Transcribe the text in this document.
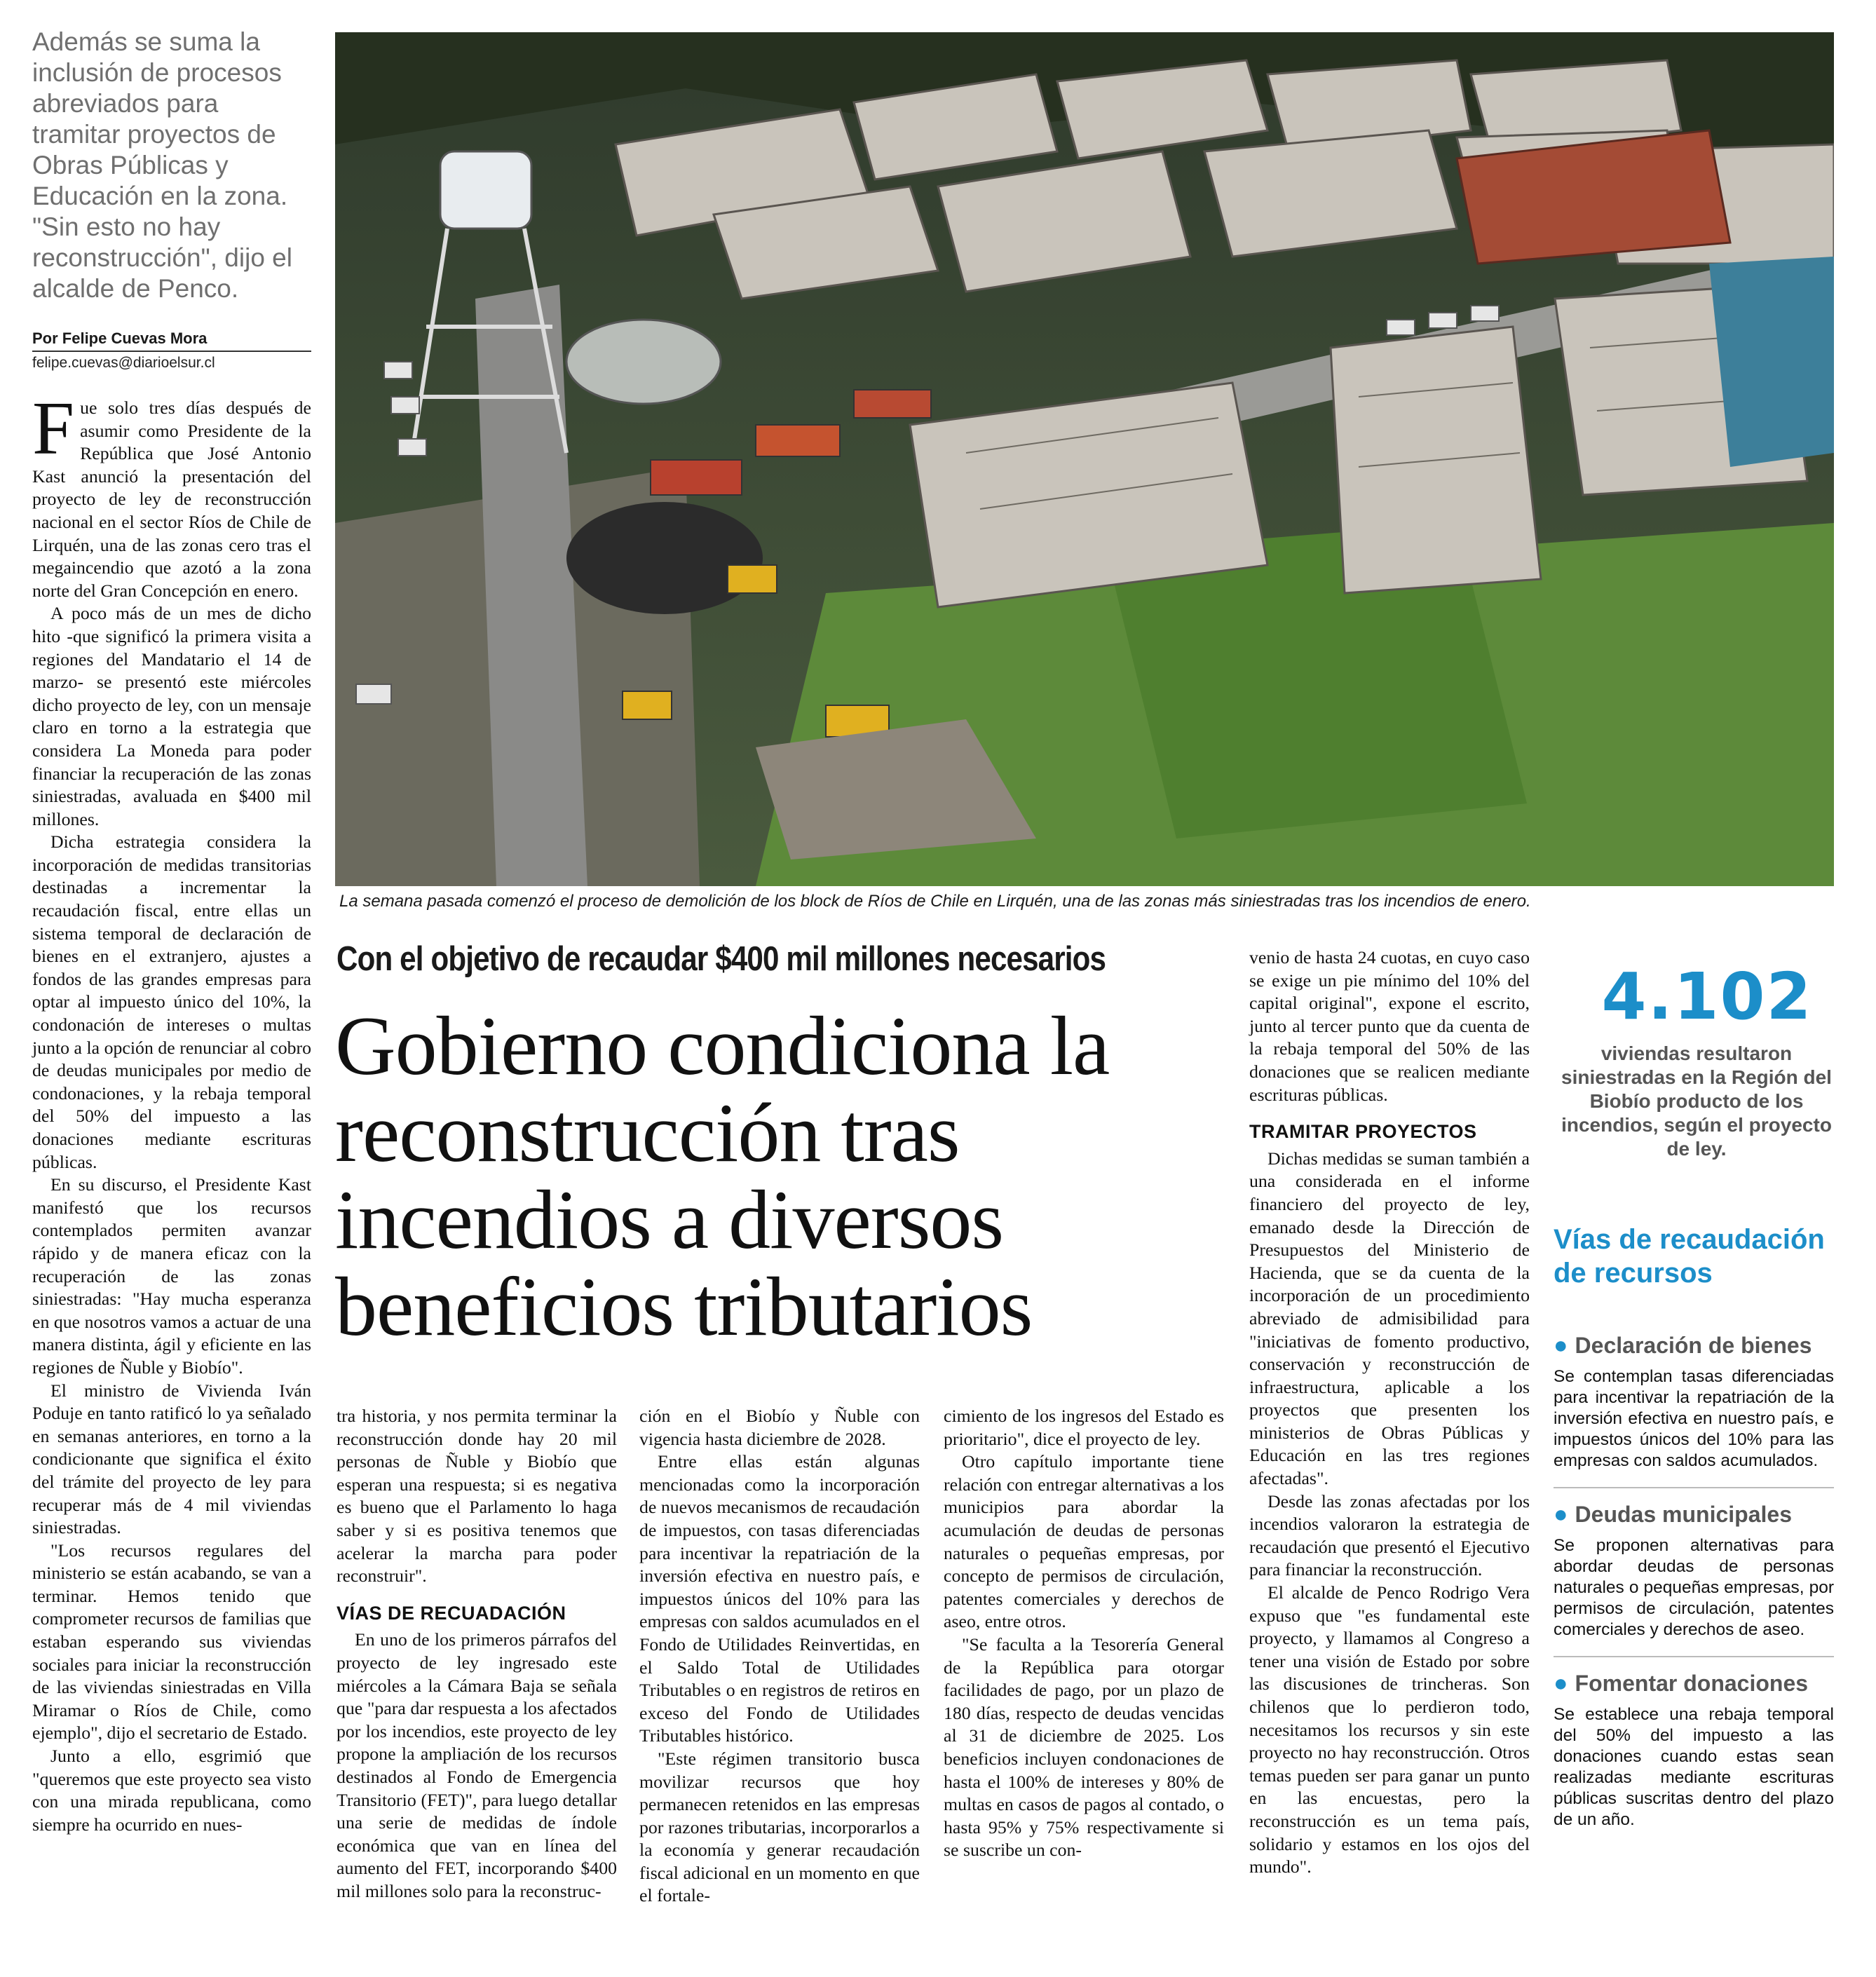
Además se suma la inclusión de procesos abreviados para tramitar proyectos de Obras Públicas y Educación en la zona. "Sin esto no hay reconstrucción", dijo el alcalde de Penco.
Por Felipe Cuevas Mora
felipe.cuevas@diarioelsur.cl
La semana pasada comenzó el proceso de demolición de los block de Ríos de Chile en Lirquén, una de las zonas más siniestradas tras los incendios de enero.
Con el objetivo de recaudar $400 mil millones necesarios
Gobierno condiciona la reconstrucción tras incendios a diversos beneficios tributarios

Fue solo tres días después de asumir como Presidente de la República que José Antonio Kast anunció la presentación del proyecto de ley de reconstrucción nacional en el sector Ríos de Chile de Lirquén, una de las zonas cero tras el megaincendio que azotó a la zona norte del Gran Concepción en enero.

A poco más de un mes de dicho hito -que significó la primera visita a regiones del Mandatario el 14 de marzo- se presentó este miércoles dicho proyecto de ley, con un mensaje claro en torno a la estrategia que considera La Moneda para poder financiar la recuperación de las zonas siniestradas, avaluada en $400 mil millones.

Dicha estrategia considera la incorporación de medidas transitorias destinadas a incrementar la recaudación fiscal, entre ellas un sistema temporal de declaración de bienes en el extranjero, ajustes a fondos de las grandes empresas para optar al impuesto único del 10%, la condonación de intereses o multas junto a la opción de renunciar al cobro de deudas municipales por medio de condonaciones, y la rebaja temporal del 50% del impuesto a las donaciones mediante escrituras públicas.

En su discurso, el Presidente Kast manifestó que los recursos contemplados permiten avanzar rápido y de manera eficaz con la recuperación de las zonas siniestradas: "Hay mucha esperanza en que nosotros vamos a actuar de una manera distinta, ágil y eficiente en las regiones de Ñuble y Biobío".

El ministro de Vivienda Iván Poduje en tanto ratificó lo ya señalado en semanas anteriores, en torno a la condicionante que significa el éxito del trámite del proyecto de ley para recuperar más de 4 mil viviendas siniestradas.

"Los recursos regulares del ministerio se están acabando, se van a terminar. Hemos tenido que comprometer recursos de familias que estaban esperando sus viviendas sociales para iniciar la reconstrucción de las viviendas siniestradas en Villa Miramar o Ríos de Chile, como ejemplo", dijo el secretario de Estado.

Junto a ello, esgrimió que "queremos que este proyecto sea visto con una mirada republicana, como siempre ha ocurrido en nues-

tra historia, y nos permita terminar la reconstrucción donde hay 20 mil personas de Ñuble y Biobío que esperan una respuesta; si es negativa es bueno que el Parlamento lo haga saber y si es positiva tenemos que acelerar la marcha para poder reconstruir".

VÍAS DE RECUADACIÓN

En uno de los primeros párrafos del proyecto de ley ingresado este miércoles a la Cámara Baja se señala que "para dar respuesta a los afectados por los incendios, este proyecto de ley propone la ampliación de los recursos destinados al Fondo de Emergencia Transitorio (FET)", para luego detallar una serie de medidas de índole económica que van en línea del aumento del FET, incorporando $400 mil millones solo para la reconstruc-

ción en el Biobío y Ñuble con vigencia hasta diciembre de 2028.

Entre ellas están algunas mencionadas como la incorporación de nuevos mecanismos de recaudación de impuestos, con tasas diferenciadas para incentivar la repatriación de la inversión efectiva en nuestro país, e impuestos únicos del 10% para las empresas con saldos acumulados en el Fondo de Utilidades Reinvertidas, en el Saldo Total de Utilidades Tributables o en registros de retiros en exceso del Fondo de Utilidades Tributables histórico.

"Este régimen transitorio busca movilizar recursos que hoy permanecen retenidos en las empresas por razones tributarias, incorporarlos a la economía y generar recaudación fiscal adicional en un momento en que el fortale-

cimiento de los ingresos del Estado es prioritario", dice el proyecto de ley.

Otro capítulo importante tiene relación con entregar alternativas a los municipios para abordar la acumulación de deudas de personas naturales o pequeñas empresas, por concepto de permisos de circulación, patentes comerciales y derechos de aseo, entre otros.

"Se faculta a la Tesorería General de la República para otorgar facilidades de pago, por un plazo de 180 días, respecto de deudas vencidas al 31 de diciembre de 2025. Los beneficios incluyen condonaciones de hasta el 100% de intereses y 80% de multas en casos de pagos al contado, o hasta 95% y 75% respectivamente si se suscribe un con-

venio de hasta 24 cuotas, en cuyo caso se exige un pie mínimo del 10% del capital original", expone el escrito, junto al tercer punto que da cuenta de la rebaja temporal del 50% de las donaciones que se realicen mediante escrituras públicas.

TRAMITAR PROYECTOS

Dichas medidas se suman también a una considerada en el informe financiero del proyecto de ley, emanado desde la Dirección de Presupuestos del Ministerio de Hacienda, que se da cuenta de la incorporación de un procedimiento abreviado de admisibilidad para "iniciativas de fomento productivo, conservación y reconstrucción de infraestructura, aplicable a los proyectos que presenten los ministerios de Obras Públicas y Educación en las tres regiones afectadas".

Desde las zonas afectadas por los incendios valoraron la estrategia de recaudación que presentó el Ejecutivo para financiar la reconstrucción.

El alcalde de Penco Rodrigo Vera expuso que "es fundamental este proyecto, y llamamos al Congreso a tener una visión de Estado por sobre las discusiones de trincheras. Son chilenos que lo perdieron todo, necesitamos los recursos y sin este proyecto no hay reconstrucción. Otros temas pueden ser para ganar un punto en las encuestas, pero la reconstrucción es un tema país, solidario y estamos en los ojos del mundo".

4.102
viviendas resultaron siniestradas en la Región del Biobío producto de los incendios, según el proyecto de ley.
Vías de recaudación de recursos
● Declaración de bienes
Se contemplan tasas diferenciadas para incentivar la repatriación de la inversión efectiva en nuestro país, e impuestos únicos del 10% para las empresas con saldos acumulados.
● Deudas municipales
Se proponen alternativas para abordar deudas de personas naturales o pequeñas empresas, por permisos de circulación, patentes comerciales y derechos de aseo.
● Fomentar donaciones
Se establece una rebaja temporal del 50% del impuesto a las donaciones cuando estas sean realizadas mediante escrituras públicas suscritas dentro del plazo de un año.
